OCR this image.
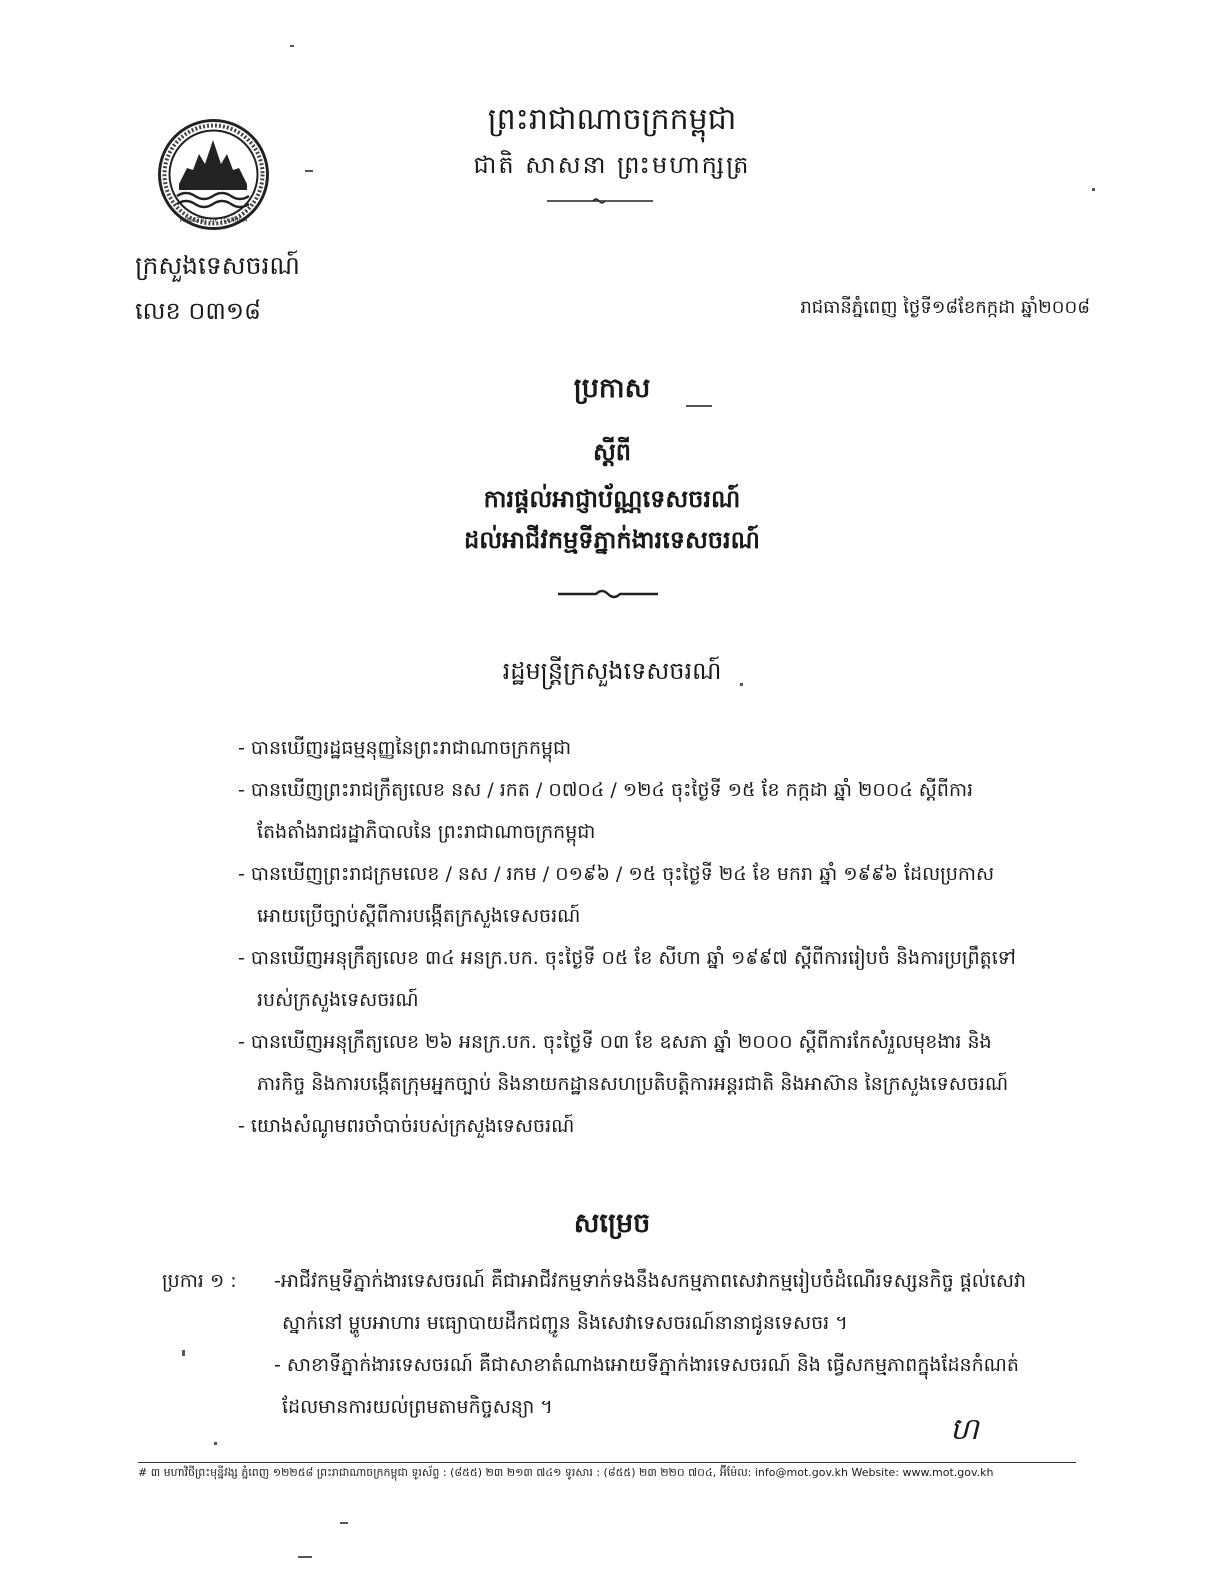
ព្រះរាជាណាចក្រកម្ពុជា
ជាតិ សាសនា ព្រះមហាក្សត្រ
MINISTRY OF TOURISM
ក្រសួងទេសចរណ៍
លេខ ០៣១៨	រាជធានីភ្នំពេញ ថ្ងៃទី១៨ខែកក្កដា ឆ្នាំ២០០៨
ប្រកាស
ស្តីពី
ការផ្តល់អាជ្ញាប័ណ្ណទេសចរណ៍
ដល់អាជីវកម្មទីភ្នាក់ងារទេសចរណ៍
រដ្ឋមន្ត្រីក្រសួងទេសចរណ៍
- បានឃើញរដ្ឋធម្មនុញ្ញនៃព្រះរាជាណាចក្រកម្ពុជា
- បានឃើញព្រះរាជក្រឹត្យលេខ នស / រកត / ០៧០៤ / ១២៤ ចុះថ្ងៃទី ១៥ ខែ កក្កដា ឆ្នាំ ២០០៤ ស្តីពីការ
តែងតាំងរាជរដ្ឋាភិបាលនៃ ព្រះរាជាណាចក្រកម្ពុជា
- បានឃើញព្រះរាជក្រមលេខ / នស / រកម / ០១៩៦ / ១៥ ចុះថ្ងៃទី ២៤ ខែ មករា ឆ្នាំ ១៩៩៦ ដែលប្រកាស
អោយប្រើច្បាប់ស្តីពីការបង្កើតក្រសួងទេសចរណ៍
- បានឃើញអនុក្រឹត្យលេខ ៣៤ អនក្រ.បក. ចុះថ្ងៃទី ០៥ ខែ សីហា ឆ្នាំ ១៩៩៧ ស្តីពីការរៀបចំ និងការប្រព្រឹត្តទៅ
របស់ក្រសួងទេសចរណ៍
- បានឃើញអនុក្រឹត្យលេខ ២៦ អនក្រ.បក. ចុះថ្ងៃទី ០៣ ខែ ឧសភា ឆ្នាំ ២០០០ ស្តីពីការកែសំរួលមុខងារ និង
ភារកិច្ច និងការបង្កើតក្រុមអ្នកច្បាប់ និងនាយកដ្ឋានសហប្រតិបត្តិការអន្តរជាតិ និងអាស៊ាន នៃក្រសួងទេសចរណ៍
- យោងសំណូមពរចាំបាច់របស់ក្រសួងទេសចរណ៍
សម្រេច
ប្រការ ១ :	-អាជីវកម្មទីភ្នាក់ងារទេសចរណ៍ គឺជាអាជីវកម្មទាក់ទងនឹងសកម្មភាពសេវាកម្មរៀបចំដំណើរទស្សនកិច្ច ផ្តល់សេវា
ស្នាក់នៅ ម្ហូបអាហារ មធ្យោបាយដឹកជញ្ជូន និងសេវាទេសចរណ៍នានាជូនទេសចរ ។
- សាខាទីភ្នាក់ងារទេសចរណ៍ គឺជាសាខាតំណាងអោយទីភ្នាក់ងារទេសចរណ៍ និង ធ្វើសកម្មភាពក្នុងដែនកំណត់
ដែលមានការយល់ព្រមតាមកិច្ចសន្យា ។
ហ
# ៣ មហាវិថីព្រះមុន្នីវង្ស ភ្នំពេញ ១២២៥៨ ព្រះរាជាណាចក្រកម្ពុជា ទូរស័ព្ទ : (៨៥៥) ២៣ ២១៣ ៧៤១ ទូរសារ : (៨៥៥) ២៣ ២២០ ៧០៤, អ៊ីម៉ែល: info@mot.gov.kh Website: www.mot.gov.kh
